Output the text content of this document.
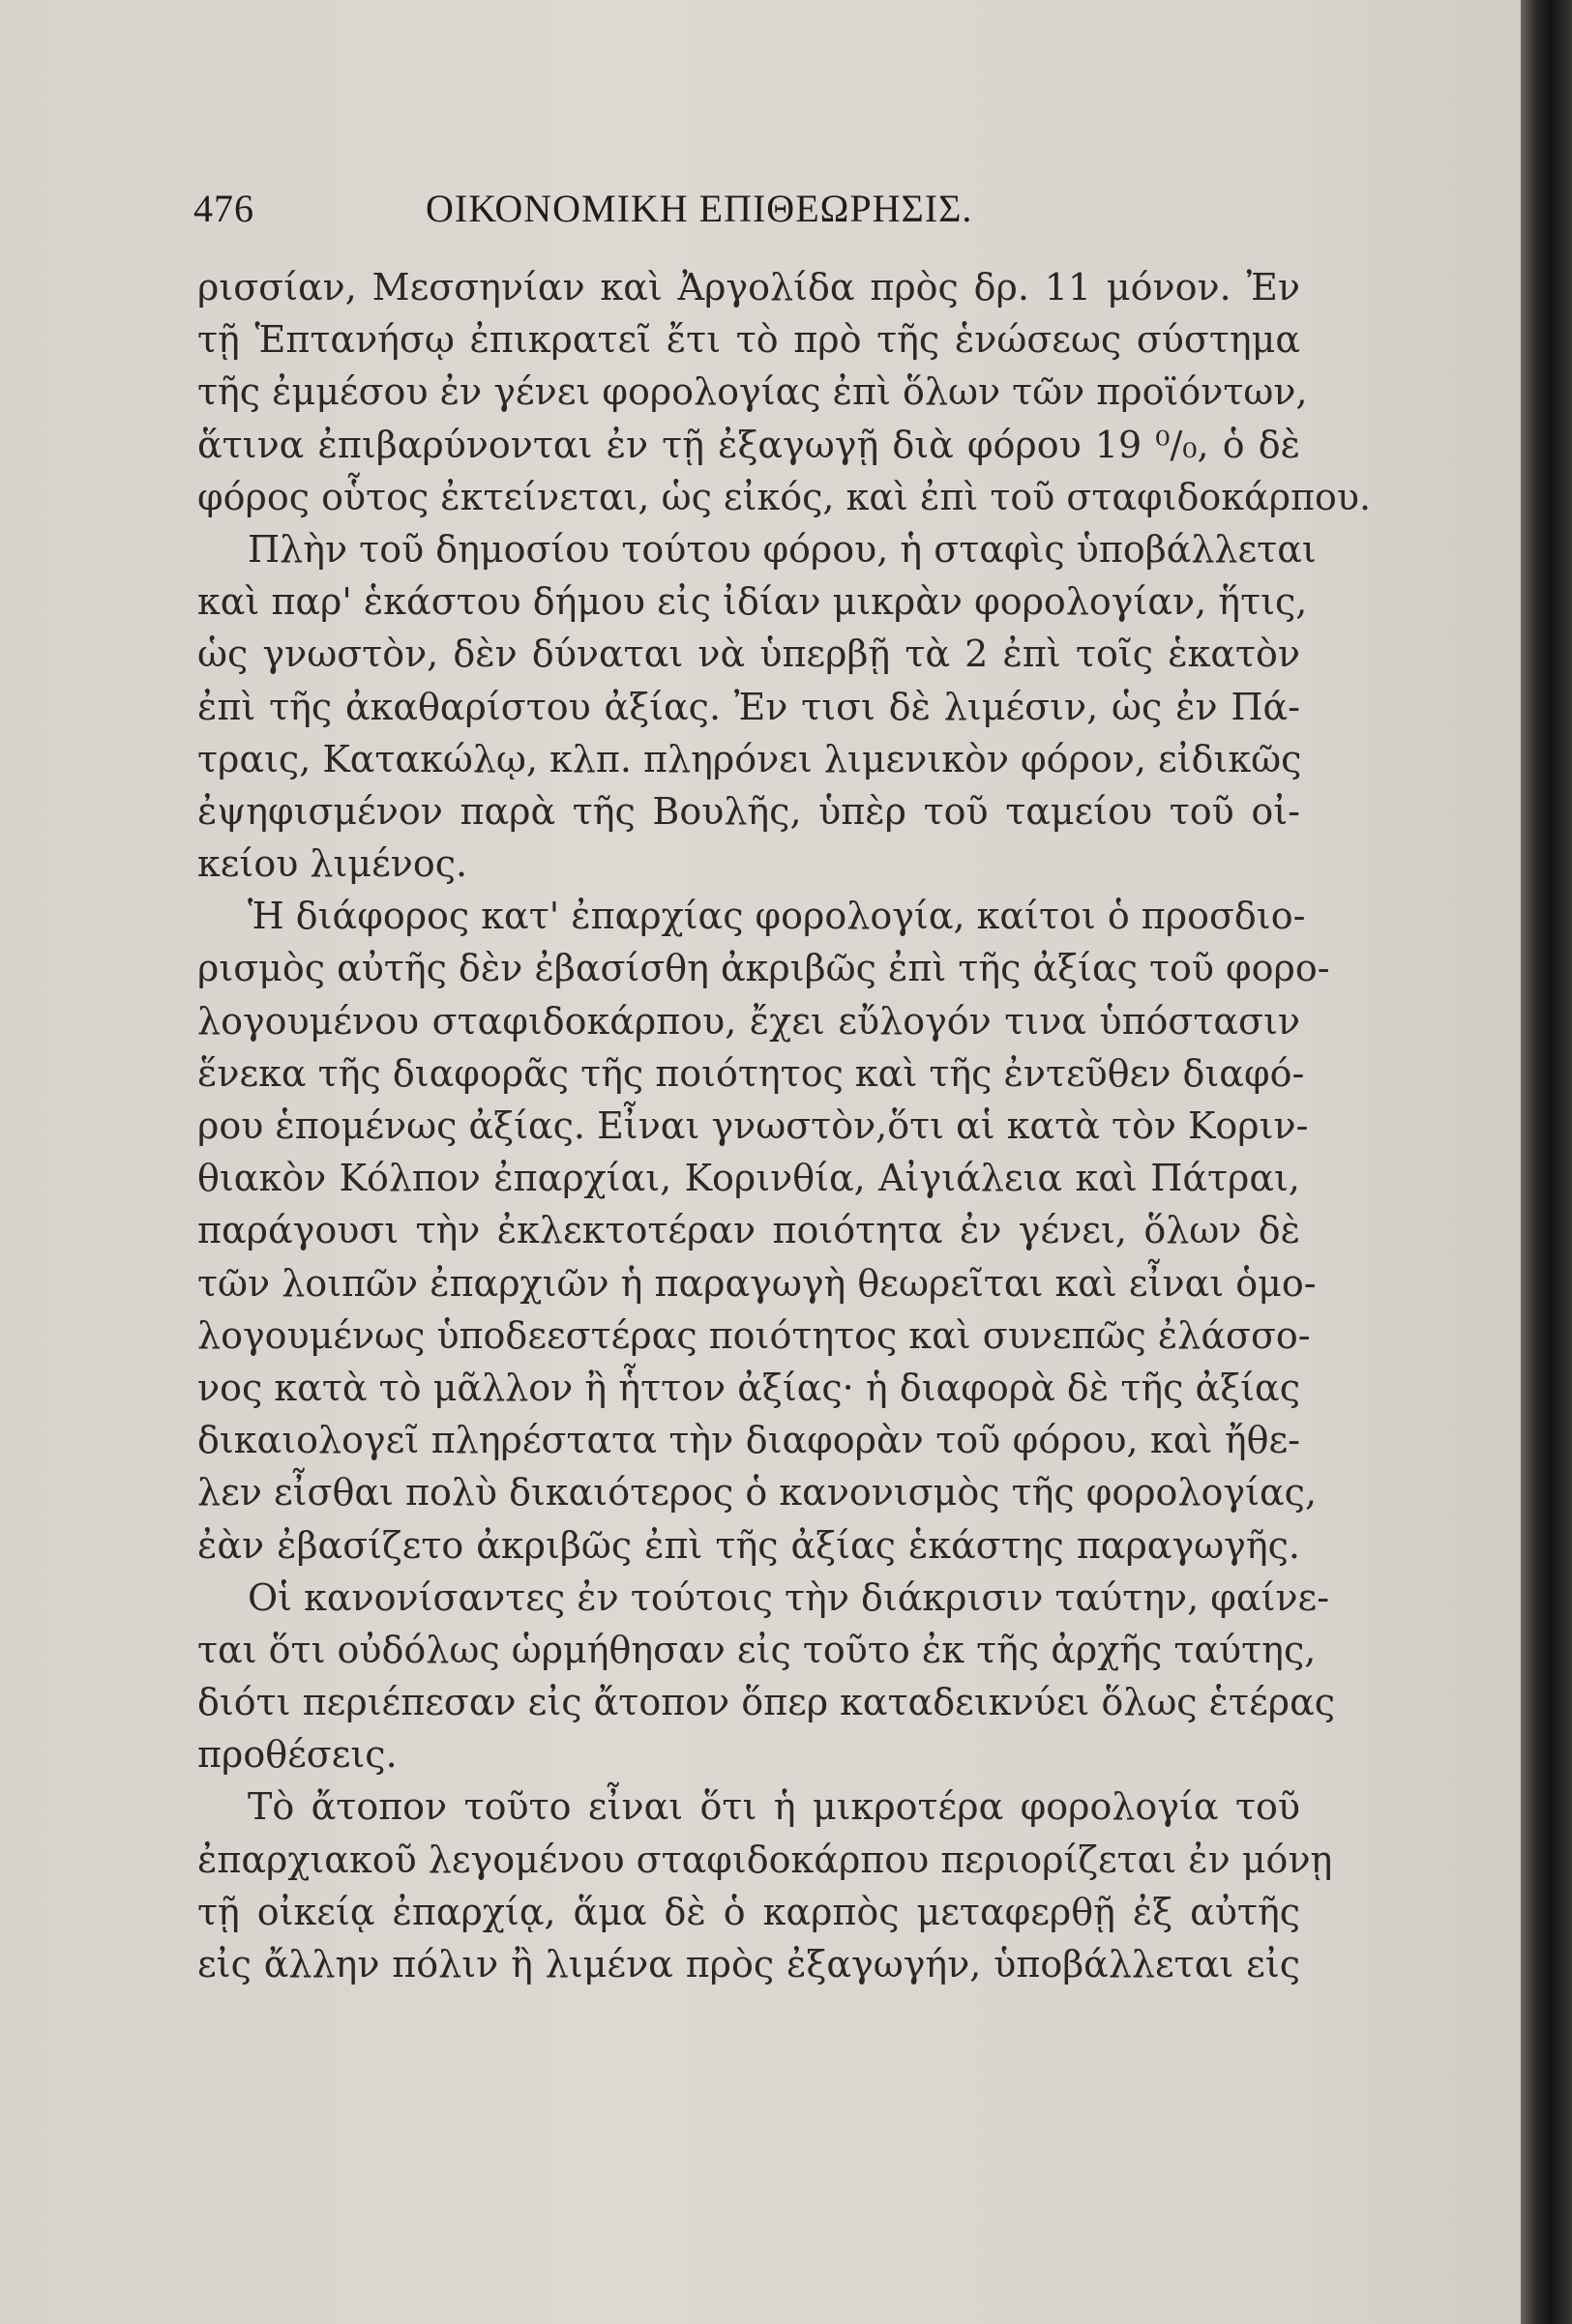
476	ΟΙΚΟΝΟΜΙΚΗ ΕΠΙΘΕΩΡΗΣΙΣ.
ρισσίαν, Μεσσηνίαν καὶ Ἀργολίδα πρὸς δρ. 11 μόνον. Ἐν
τῇ Ἑπτανήσῳ ἐπικρατεῖ ἔτι τὸ πρὸ τῆς ἑνώσεως σύστημα
τῆς ἐμμέσου ἐν γένει φορολογίας ἐπὶ ὅλων τῶν προϊόντων,
ἅτινα ἐπιβαρύνονται ἐν τῇ ἐξαγωγῇ διὰ φόρου 19 ⁰/₀, ὁ δὲ
φόρος οὗτος ἐκτείνεται, ὡς εἰκός, καὶ ἐπὶ τοῦ σταφιδοκάρπου.
Πλὴν τοῦ δημοσίου τούτου φόρου, ἡ σταφὶς ὑποβάλλεται
καὶ παρ' ἑκάστου δήμου εἰς ἰδίαν μικρὰν φορολογίαν, ἥτις,
ὡς γνωστὸν, δὲν δύναται νὰ ὑπερβῇ τὰ 2 ἐπὶ τοῖς ἑκατὸν
ἐπὶ τῆς ἀκαθαρίστου ἀξίας. Ἐν τισι δὲ λιμέσιν, ὡς ἐν Πά-
τραις, Κατακώλῳ, κλπ. πληρόνει λιμενικὸν φόρον, εἰδικῶς
ἐψηφισμένον παρὰ τῆς Βουλῆς, ὑπὲρ τοῦ ταμείου τοῦ οἰ-
κείου λιμένος.
Ἡ διάφορος κατ' ἐπαρχίας φορολογία, καίτοι ὁ προσδιο-
ρισμὸς αὐτῆς δὲν ἐβασίσθη ἀκριβῶς ἐπὶ τῆς ἀξίας τοῦ φορο-
λογουμένου σταφιδοκάρπου, ἔχει εὔλογόν τινα ὑπόστασιν
ἕνεκα τῆς διαφορᾶς τῆς ποιότητος καὶ τῆς ἐντεῦθεν διαφό-
ρου ἑπομένως ἀξίας. Εἶναι γνωστὸν,ὅτι αἱ κατὰ τὸν Κοριν-
θιακὸν Κόλπον ἐπαρχίαι, Κορινθία, Αἰγιάλεια καὶ Πάτραι,
παράγουσι τὴν ἐκλεκτοτέραν ποιότητα ἐν γένει, ὅλων δὲ
τῶν λοιπῶν ἐπαρχιῶν ἡ παραγωγὴ θεωρεῖται καὶ εἶναι ὁμο-
λογουμένως ὑποδεεστέρας ποιότητος καὶ συνεπῶς ἐλάσσο-
νος κατὰ τὸ μᾶλλον ἢ ἧττον ἀξίας· ἡ διαφορὰ δὲ τῆς ἀξίας
δικαιολογεῖ πληρέστατα τὴν διαφορὰν τοῦ φόρου, καὶ ἤθε-
λεν εἶσθαι πολὺ δικαιότερος ὁ κανονισμὸς τῆς φορολογίας,
ἐὰν ἐβασίζετο ἀκριβῶς ἐπὶ τῆς ἀξίας ἑκάστης παραγωγῆς.
Οἱ κανονίσαντες ἐν τούτοις τὴν διάκρισιν ταύτην, φαίνε-
ται ὅτι οὐδόλως ὡρμήθησαν εἰς τοῦτο ἐκ τῆς ἀρχῆς ταύτης,
διότι περιέπεσαν εἰς ἄτοπον ὅπερ καταδεικνύει ὅλως ἑτέρας
προθέσεις.
Τὸ ἄτοπον τοῦτο εἶναι ὅτι ἡ μικροτέρα φορολογία τοῦ
ἐπαρχιακοῦ λεγομένου σταφιδοκάρπου περιορίζεται ἐν μόνῃ
τῇ οἰκείᾳ ἐπαρχίᾳ, ἅμα δὲ ὁ καρπὸς μεταφερθῇ ἐξ αὐτῆς
εἰς ἄλλην πόλιν ἢ λιμένα πρὸς ἐξαγωγήν, ὑποβάλλεται εἰς
